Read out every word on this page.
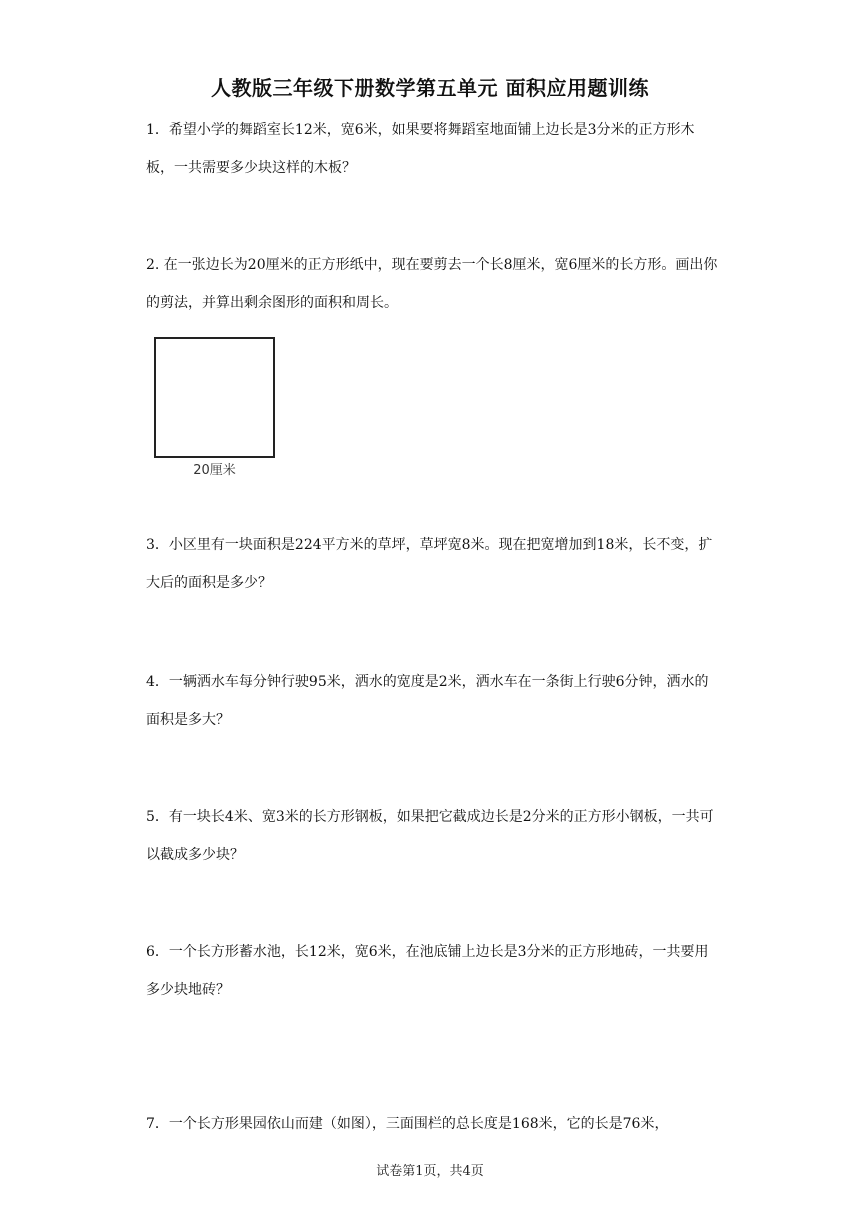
人教版三年级下册数学第五单元 面积应用题训练
1．希望小学的舞蹈室长12米，宽6米，如果要将舞蹈室地面铺上边长是3分米的正方形木板，一共需要多少块这样的木板？
2. 在一张边长为20厘米的正方形纸中，现在要剪去一个长8厘米，宽6厘米的长方形。画出你的剪法，并算出剩余图形的面积和周长。
20厘米
3．小区里有一块面积是224平方米的草坪，草坪宽8米。现在把宽增加到18米，长不变，扩大后的面积是多少？
4．一辆洒水车每分钟行驶95米，洒水的宽度是2米，洒水车在一条街上行驶6分钟，洒水的面积是多大？
5．有一块长4米、宽3米的长方形钢板，如果把它截成边长是2分米的正方形小钢板，一共可以截成多少块？
6．一个长方形蓄水池，长12米，宽6米，在池底铺上边长是3分米的正方形地砖，一共要用多少块地砖？
7．一个长方形果园依山而建（如图），三面围栏的总长度是168米，它的长是76米，
试卷第1页，共4页
